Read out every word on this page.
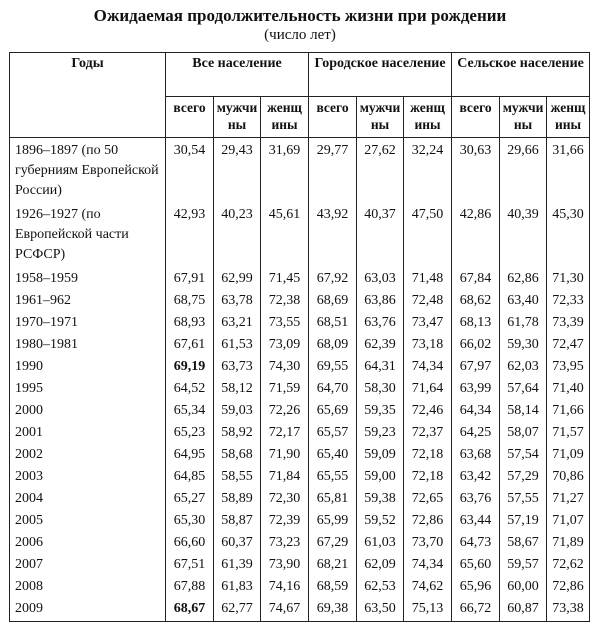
Ожидаемая продолжительность жизни при рождении
(число лет)
Годы	Все население			Городское население			Сельское население		
	всего	мужчи ны	женщ ины	всего	мужчи ны	женщ ины	всего	мужчи ны	женщ ины
1896–1897 (по 50 губерниям Европейской России)	30,54	29,43	31,69	29,77	27,62	32,24	30,63	29,66	31,66
1926–1927 (по Европейской части РСФСР)	42,93	40,23	45,61	43,92	40,37	47,50	42,86	40,39	45,30
1958–1959	67,91	62,99	71,45	67,92	63,03	71,48	67,84	62,86	71,30
1961–962	68,75	63,78	72,38	68,69	63,86	72,48	68,62	63,40	72,33
1970–1971	68,93	63,21	73,55	68,51	63,76	73,47	68,13	61,78	73,39
1980–1981	67,61	61,53	73,09	68,09	62,39	73,18	66,02	59,30	72,47
1990	69,19	63,73	74,30	69,55	64,31	74,34	67,97	62,03	73,95
1995	64,52	58,12	71,59	64,70	58,30	71,64	63,99	57,64	71,40
2000	65,34	59,03	72,26	65,69	59,35	72,46	64,34	58,14	71,66
2001	65,23	58,92	72,17	65,57	59,23	72,37	64,25	58,07	71,57
2002	64,95	58,68	71,90	65,40	59,09	72,18	63,68	57,54	71,09
2003	64,85	58,55	71,84	65,55	59,00	72,18	63,42	57,29	70,86
2004	65,27	58,89	72,30	65,81	59,38	72,65	63,76	57,55	71,27
2005	65,30	58,87	72,39	65,99	59,52	72,86	63,44	57,19	71,07
2006	66,60	60,37	73,23	67,29	61,03	73,70	64,73	58,67	71,89
2007	67,51	61,39	73,90	68,21	62,09	74,34	65,60	59,57	72,62
2008	67,88	61,83	74,16	68,59	62,53	74,62	65,96	60,00	72,86
2009	68,67	62,77	74,67	69,38	63,50	75,13	66,72	60,87	73,38
